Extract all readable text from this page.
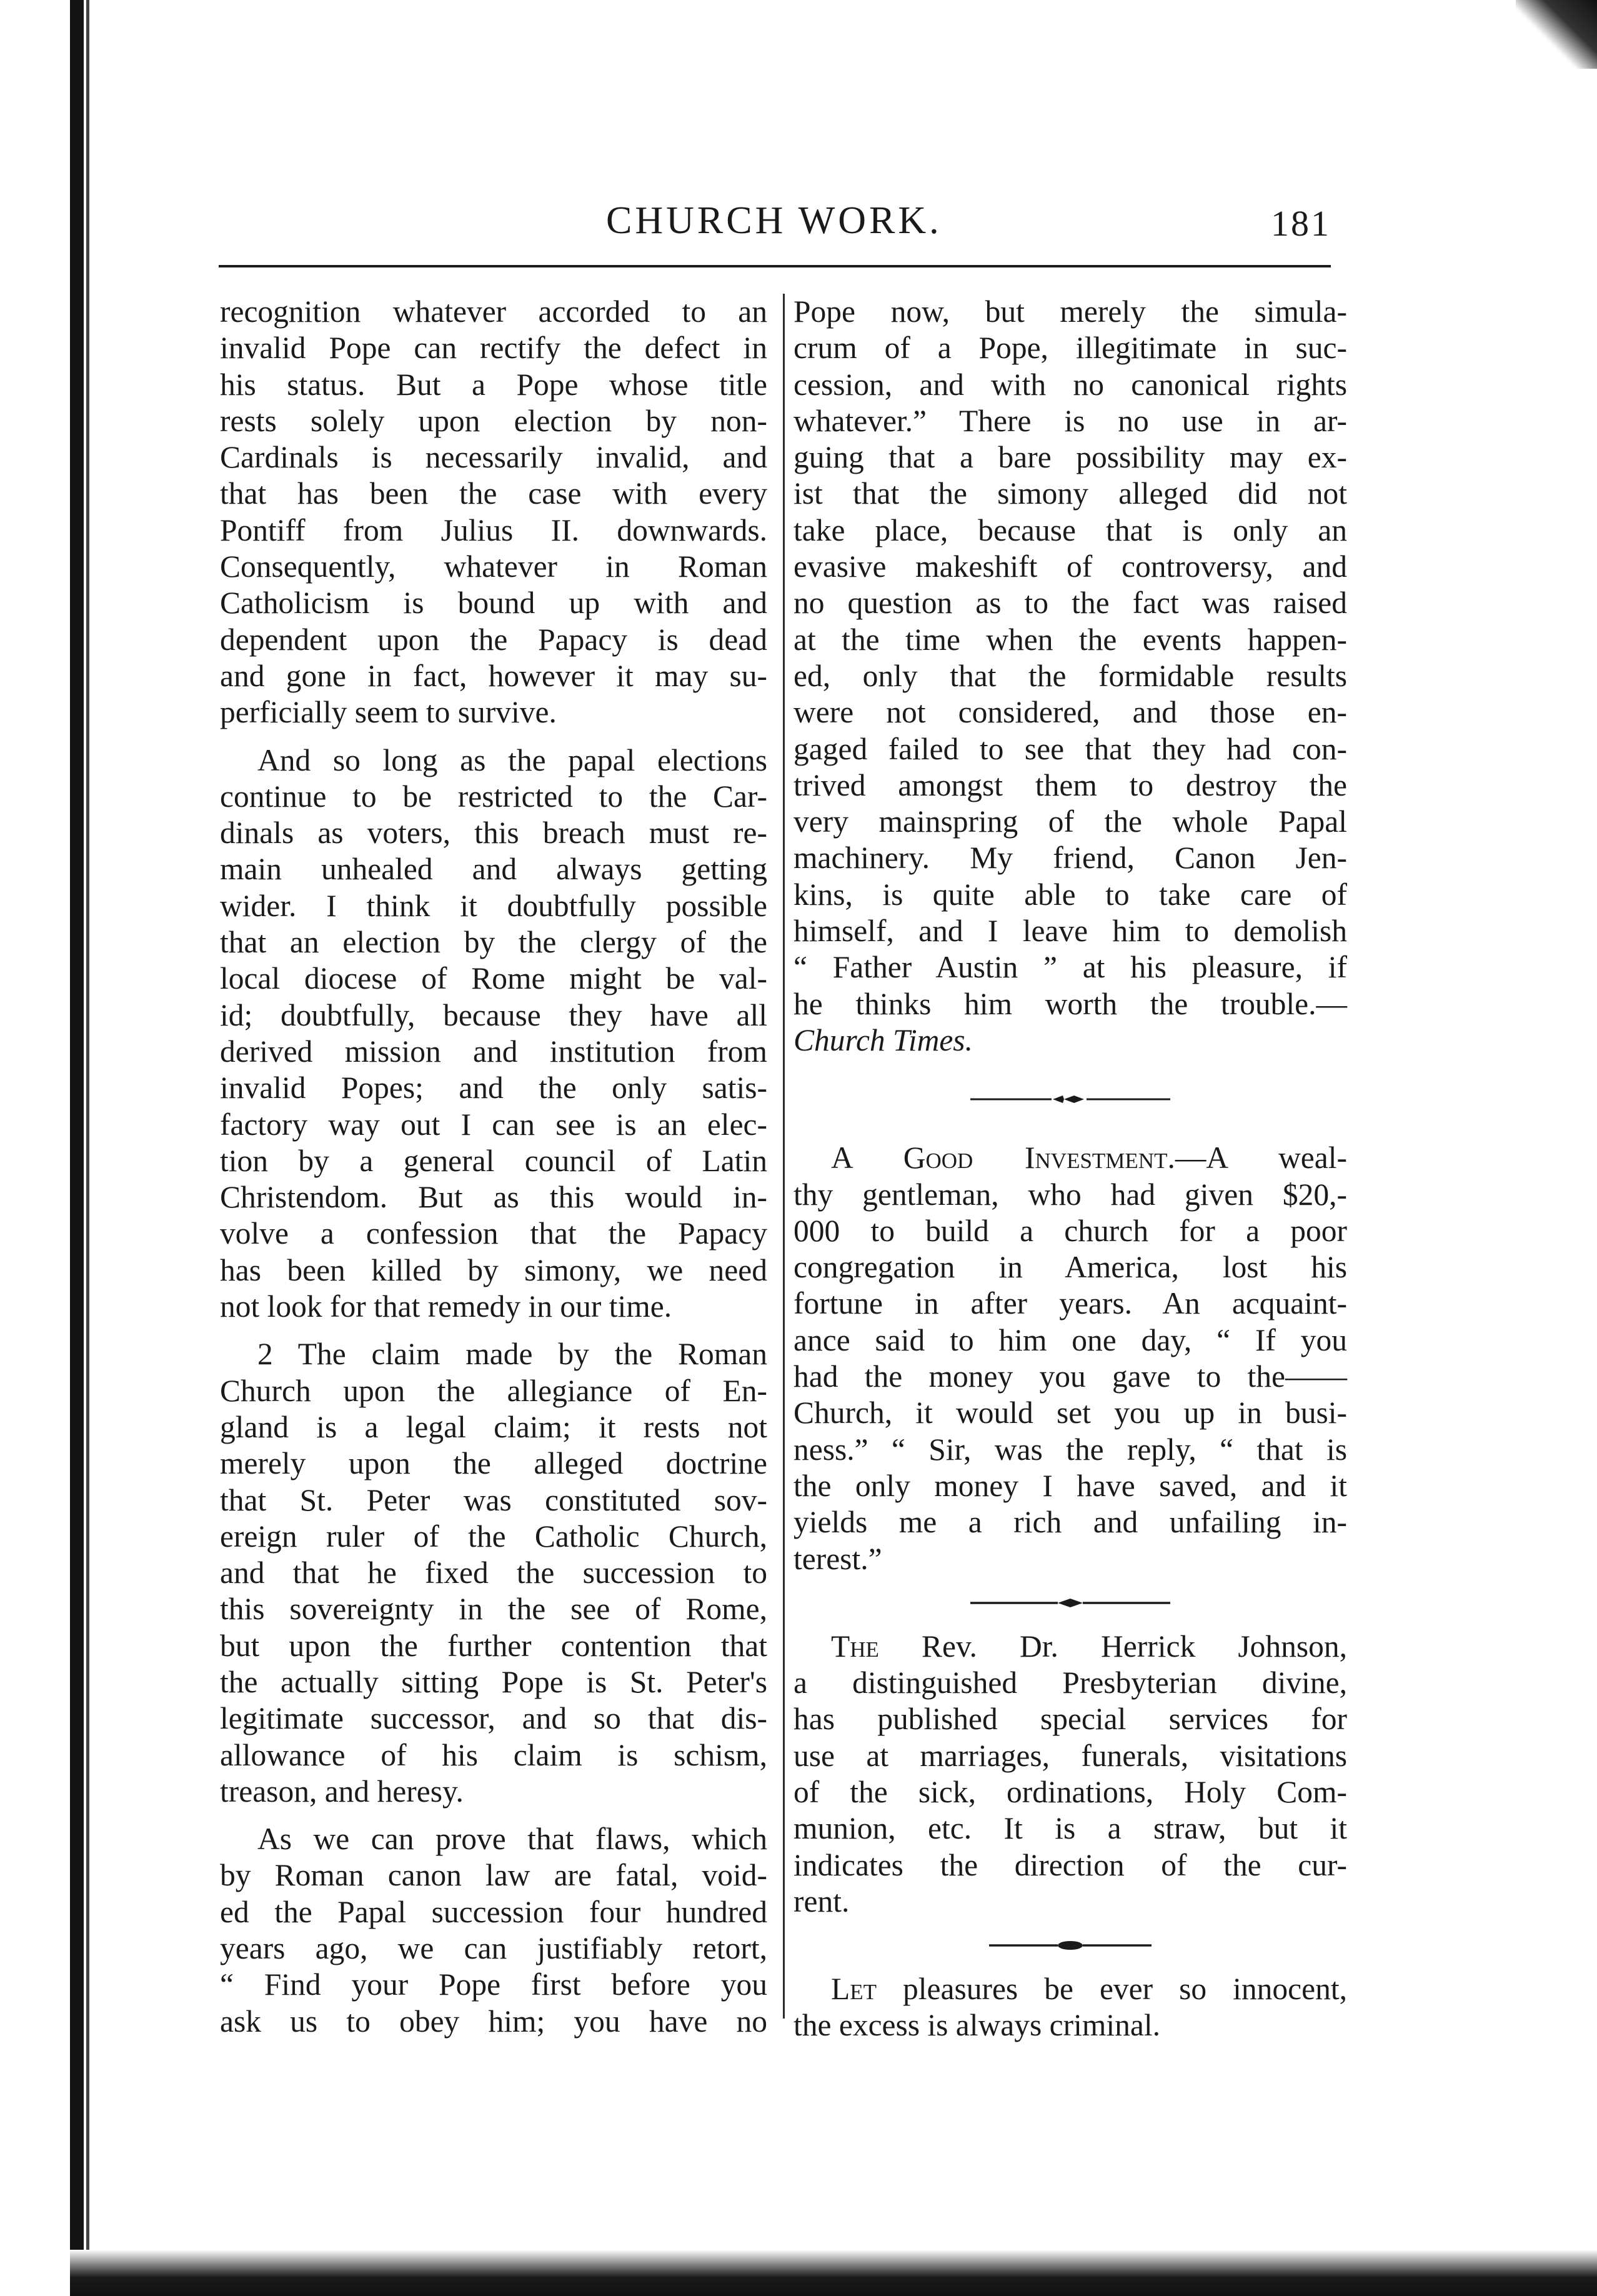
CHURCH WORK.	181
recognition whatever accorded to an
invalid Pope can rectify the defect in
his status. But a Pope whose title
rests solely upon election by non-
Cardinals is necessarily invalid, and
that has been the case with every
Pontiff from Julius II. downwards.
Consequently, whatever in Roman
Catholicism is bound up with and
dependent upon the Papacy is dead
and gone in fact, however it may su-
perficially seem to survive.
And so long as the papal elections
continue to be restricted to the Car-
dinals as voters, this breach must re-
main unhealed and always getting
wider. I think it doubtfully possible
that an election by the clergy of the
local diocese of Rome might be val-
id; doubtfully, because they have all
derived mission and institution from
invalid Popes; and the only satis-
factory way out I can see is an elec-
tion by a general council of Latin
Christendom. But as this would in-
volve a confession that the Papacy
has been killed by simony, we need
not look for that remedy in our time.
2 The claim made by the Roman
Church upon the allegiance of En-
gland is a legal claim; it rests not
merely upon the alleged doctrine
that St. Peter was constituted sov-
ereign ruler of the Catholic Church,
and that he fixed the succession to
this sovereignty in the see of Rome,
but upon the further contention that
the actually sitting Pope is St. Peter's
legitimate successor, and so that dis-
allowance of his claim is schism,
treason, and heresy.
As we can prove that flaws, which
by Roman canon law are fatal, void-
ed the Papal succession four hundred
years ago, we can justifiably retort,
“ Find your Pope first before you
ask us to obey him; you have no
Pope now, but merely the simula-
crum of a Pope, illegitimate in suc-
cession, and with no canonical rights
whatever.” There is no use in ar-
guing that a bare possibility may ex-
ist that the simony alleged did not
take place, because that is only an
evasive makeshift of controversy, and
no question as to the fact was raised
at the time when the events happen-
ed, only that the formidable results
were not considered, and those en-
gaged failed to see that they had con-
trived amongst them to destroy the
very mainspring of the whole Papal
machinery. My friend, Canon Jen-
kins, is quite able to take care of
himself, and I leave him to demolish
“ Father Austin ” at his pleasure, if
he thinks him worth the trouble.—
Church Times.
A Good Investment.—A weal-
thy gentleman, who had given $20,-
000 to build a church for a poor
congregation in America, lost his
fortune in after years. An acquaint-
ance said to him one day, “ If you
had the money you gave to the——
Church, it would set you up in busi-
ness.” “ Sir, was the reply, “ that is
the only money I have saved, and it
yields me a rich and unfailing in-
terest.”
The Rev. Dr. Herrick Johnson,
a distinguished Presbyterian divine,
has published special services for
use at marriages, funerals, visitations
of the sick, ordinations, Holy Com-
munion, etc. It is a straw, but it
indicates the direction of the cur-
rent.
Let pleasures be ever so innocent,
the excess is always criminal.
